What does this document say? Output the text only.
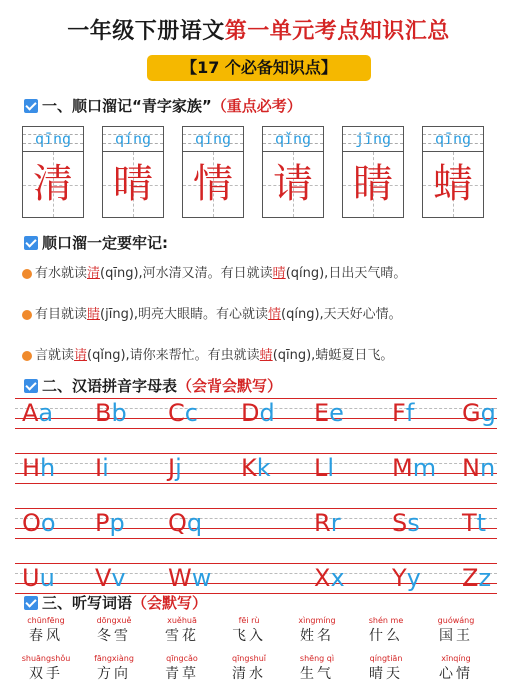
一年级下册语文第一单元考点知识汇总
【17 个必备知识点】
一、顺口溜记“青字家族” （重点必考）
qīng
清
qíng
晴
qíng
情
qǐng
请
jīng
睛
qīng
蜻
顺口溜一定要牢记:
有水就读清(qīng),河水清又清。有日就读晴(qíng),日出天气晴。
有目就读睛(jīng),明亮大眼睛。有心就读情(qíng),天天好心情。
言就读请(qǐng),请你来帮忙。有虫就读蜻(qīng),蜻蜓夏日飞。
二、汉语拼音字母表 （会背会默写）
Aa Bb Cc Dd Ee Ff Gg
Hh Ii Jj Kk Ll Mm Nn
Oo Pp Qq	Rr Ss Tt
Uu Vv Ww	Xx Yy Zz
三、听写词语 （会默写）
chūnfēng
春风
dōngxuě
冬雪
xuěhuā
雪花
fēi rù
飞入
xìngmíng
姓名
shén me
什么
guówáng
国王
shuāngshǒu
双手
fāngxiàng
方向
qīngcǎo
青草
qīngshuǐ
清水
shēng qì
生气
qíngtiān
晴天
xīnqíng
心情
